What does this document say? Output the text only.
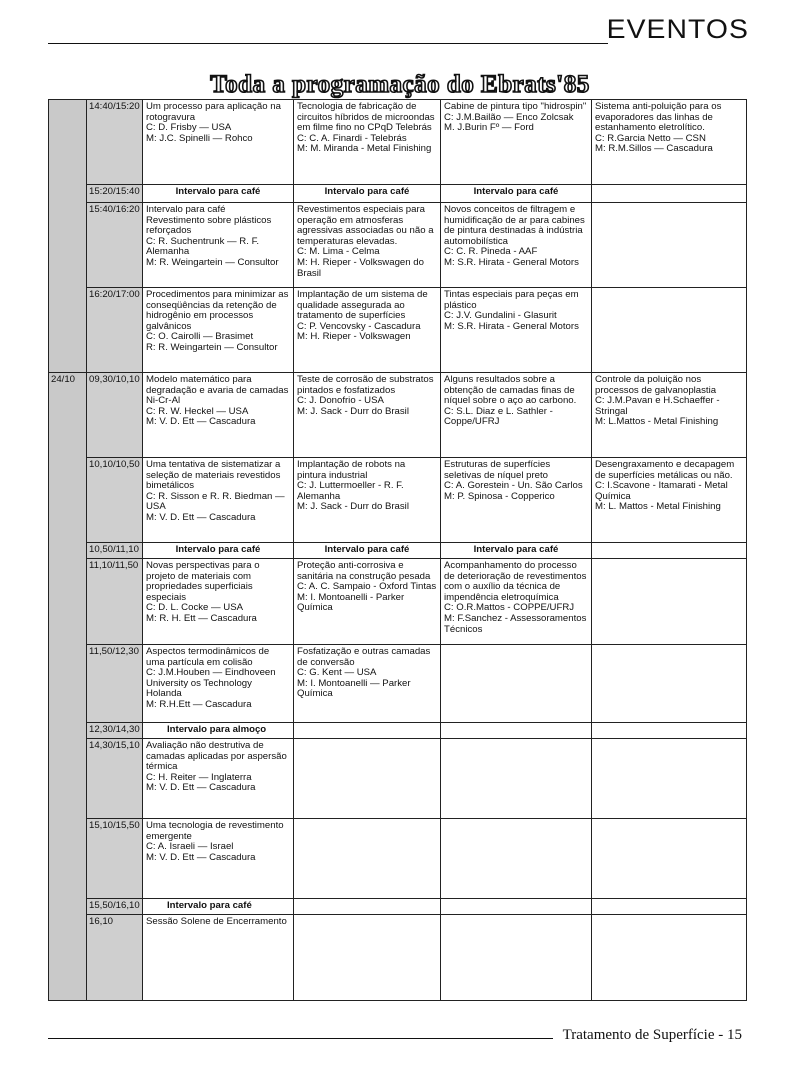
EVENTOS
Toda a programação do Ebrats'85
	14:40/15:20	Um processo para aplicação na rotogravura
C: D. Frisby — USA
M: J.C. Spinelli — Rohco	Tecnologia de fabricação de circuitos híbridos de microondas em filme fino no CPqD Telebrás
C: C. A. Finardi - Telebrás
M: M. Miranda - Metal Finishing	Cabine de pintura tipo "hidrospin"
C: J.M.Bailão — Enco Zolcsak
M. J.Burin Fº — Ford	Sistema anti-poluição para os evaporadores das linhas de estanhamento eletrolítico.
C: R.Garcia Netto — CSN
M: R.M.Sillos — Cascadura

	15:20/15:40	Intervalo para café	Intervalo para café	Intervalo para café	
	15:40/16:20	Intervalo para café
Revestimento sobre plásticos reforçados
C: R. Suchentrunk — R. F. Alemanha
M: R. Weingartein — Consultor	Revestimentos especiais para operação em atmosferas agressivas associadas ou não a temperaturas elevadas.
C: M. Lima - Celma
M: H. Rieper - Volkswagen do Brasil	Novos conceitos de filtragem e humidificação de ar para cabines de pintura destinadas à indústria automobilística
C: C. R. Pineda - AAF
M: S.R. Hirata - General Motors	

	16:20/17:00	Procedimentos para minimizar as conseqüências da retenção de hidrogênio em processos galvânicos
C: O. Cairolli — Brasimet
R: R. Weingartein — Consultor	Implantação de um sistema de qualidade assegurada ao tratamento de superfícies
C: P. Vencovsky - Cascadura
M: H. Rieper - Volkswagen	Tintas especiais para peças em plástico
C: J.V. Gundalini - Glasurit
M: S.R. Hirata - General Motors	

24/10	09,30/10,10	Modelo matemático para degradação e avaria de camadas Ni-Cr-Al
C: R. W. Heckel — USA
M: V. D. Ett — Cascadura	Teste de corrosão de substratos pintados e fosfatizados
C: J. Donofrio - USA
M: J. Sack - Durr do Brasil	Alguns resultados sobre a obtenção de camadas finas de níquel sobre o aço ao carbono.
C: S.L. Diaz e L. Sathler - Coppe/UFRJ	Controle da poluição nos processos de galvanoplastia
C: J.M.Pavan e H.Schaeffer - Stringal
M: L.Mattos - Metal Finishing

	10,10/10,50	Uma tentativa de sistematizar a seleção de materiais revestidos bimetálicos
C: R. Sisson e R. R. Biedman — USA
M: V. D. Ett — Cascadura	Implantação de robots na pintura industrial
C: J. Luttermoeller - R. F. Alemanha
M: J. Sack - Durr do Brasil	Estruturas de superfícies seletivas de níquel preto
C: A. Gorestein - Un. São Carlos
M: P. Spinosa - Copperico	Desengraxamento e decapagem de superfícies metálicas ou não.
C: I.Scavone - Itamarati - Metal Química
M: L. Mattos - Metal Finishing

	10,50/11,10	Intervalo para café	Intervalo para café	Intervalo para café	
	11,10/11,50	Novas perspectivas para o projeto de materiais com propriedades superficiais especiais
C: D. L. Cocke — USA
M: R. H. Ett — Cascadura	Proteção anti-corrosiva e sanitária na construção pesada
C: A. C. Sampaio - Oxford Tintas
M: I. Montoanelli - Parker Química	Acompanhamento do processo de deterioração de revestimentos com o auxílio da técnica de impendência eletroquímica
C: O.R.Mattos - COPPE/UFRJ
M: F.Sanchez - Assessoramentos Técnicos	

	11,50/12,30	Aspectos termodinâmicos de uma partícula em colisão
C: J.M.Houben — Eindhoveen University os Technology Holanda
M: R.H.Ett — Cascadura	Fosfatização e outras camadas de conversão
C: G. Kent — USA
M: I. Montoanelli — Parker Química		

	12,30/14,30	Intervalo para almoço			
	14,30/15,10	Avaliação não destrutiva de camadas aplicadas por aspersão térmica
C: H. Reiter — Inglaterra
M: V. D. Ett — Cascadura			

	15,10/15,50	Uma tecnologia de revestimento emergente
C: A. Israeli — Israel
M: V. D. Ett — Cascadura			

	15,50/16,10	Intervalo para café			
	16,10	Sessão Solene de Encerramento			
Tratamento de Superfície - 15
